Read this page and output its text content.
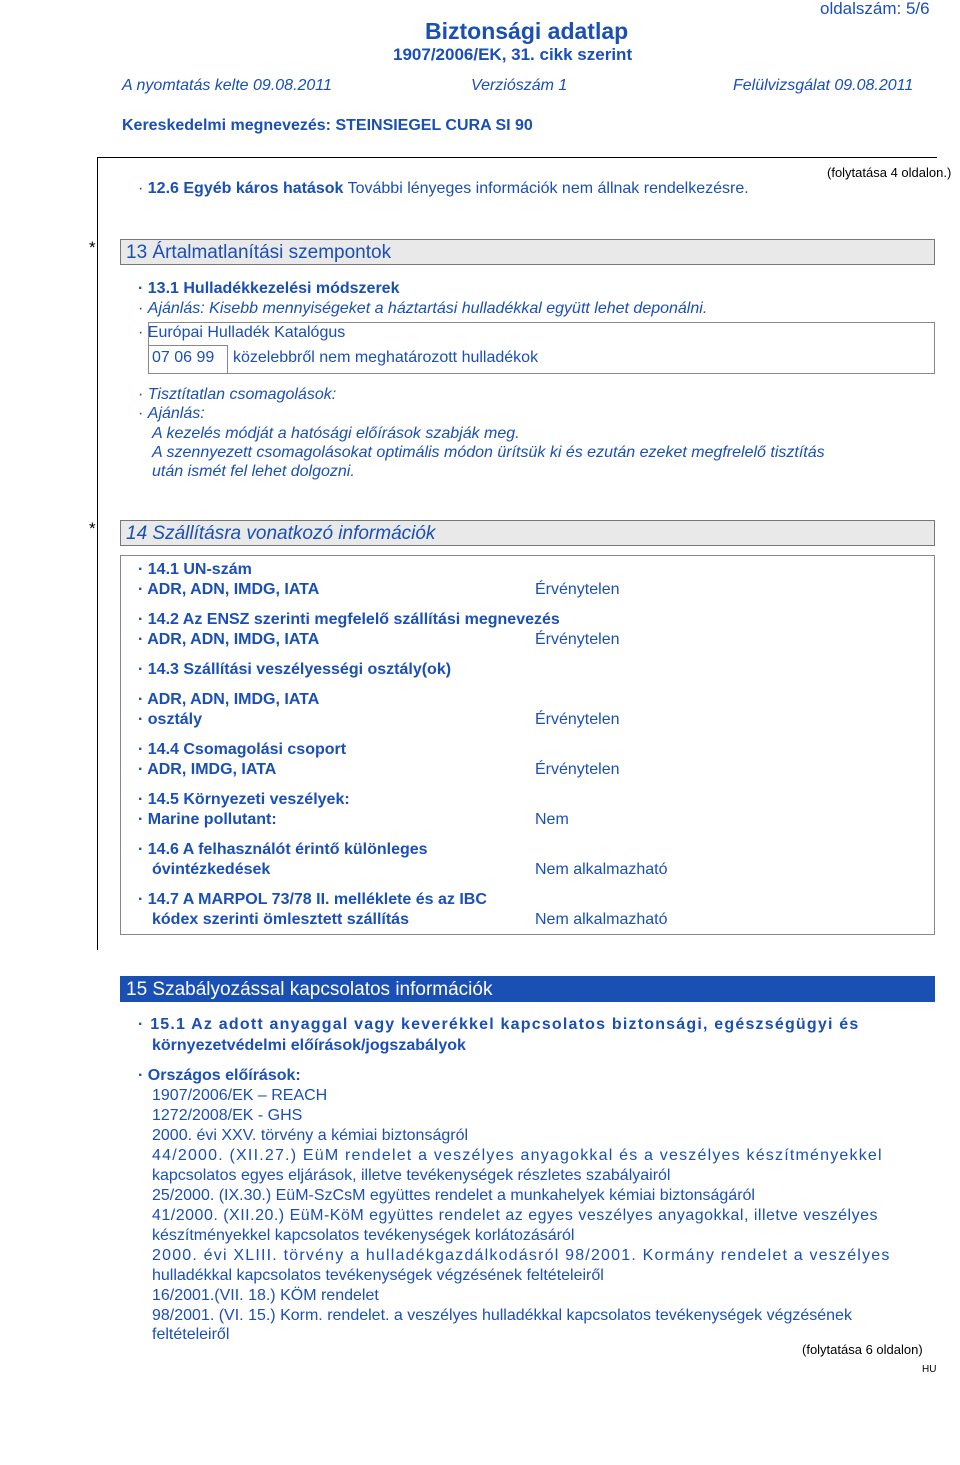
oldalszám: 5/6
Biztonsági adatlap
1907/2006/EK, 31. cikk szerint
A nyomtatás kelte 09.08.2011	Verziószám 1	Felülvizsgálat 09.08.2011
Kereskedelmi megnevezés: STEINSIEGEL CURA SI 90
(folytatása 4 oldalon.)
· 12.6 Egyéb káros hatások További lényeges információk nem állnak rendelkezésre.
* 13 Ártalmatlanítási szempontok
· 13.1 Hulladékkezelési módszerek
· Ajánlás: Kisebb mennyiségeket a háztartási hulladékkal együtt lehet deponálni.
· Európai Hulladék Katalógus
07 06 99 közelebbről nem meghatározott hulladékok
· Tisztítatlan csomagolások:
· Ajánlás:
A kezelés módját a hatósági előírások szabják meg.
A szennyezett csomagolásokat optimális módon ürítsük ki és ezután ezeket megfrelelő tisztítás
után ismét fel lehet dolgozni.
* 14 Szállításra vonatkozó információk
· 14.1 UN-szám
· ADR, ADN, IMDG, IATA	Érvénytelen
· 14.2 Az ENSZ szerinti megfelelő szállítási megnevezés
· ADR, ADN, IMDG, IATA	Érvénytelen
· 14.3 Szállítási veszélyességi osztály(ok)
· ADR, ADN, IMDG, IATA
· osztály	Érvénytelen
· 14.4 Csomagolási csoport
· ADR, IMDG, IATA	Érvénytelen
· 14.5 Környezeti veszélyek:
· Marine pollutant:	Nem
· 14.6 A felhasználót érintő különleges
óvintézkedések	Nem alkalmazható
· 14.7 A MARPOL 73/78 II. melléklete és az IBC
kódex szerinti ömlesztett szállítás	Nem alkalmazható
15 Szabályozással kapcsolatos információk
· 15.1 Az adott anyaggal vagy keverékkel kapcsolatos biztonsági, egészségügyi és
környezetvédelmi előírások/jogszabályok
· Országos előírások:
1907/2006/EK – REACH
1272/2008/EK - GHS
2000. évi XXV. törvény a kémiai biztonságról
44/2000. (XII.27.) EüM rendelet a veszélyes anyagokkal és a veszélyes készítményekkel
kapcsolatos egyes eljárások, illetve tevékenységek részletes szabályairól
25/2000. (IX.30.) EüM-SzCsM együttes rendelet a munkahelyek kémiai biztonságáról
41/2000. (XII.20.) EüM-KöM együttes rendelet az egyes veszélyes anyagokkal, illetve veszélyes
készítményekkel kapcsolatos tevékenységek korlátozásáról
2000. évi XLIII. törvény a hulladékgazdálkodásról 98/2001. Kormány rendelet a veszélyes
hulladékkal kapcsolatos tevékenységek végzésének feltételeiről
16/2001.(VII. 18.) KÖM rendelet
98/2001. (VI. 15.) Korm. rendelet. a veszélyes hulladékkal kapcsolatos tevékenységek végzésének
feltételeiről
(folytatása 6 oldalon)
HU
